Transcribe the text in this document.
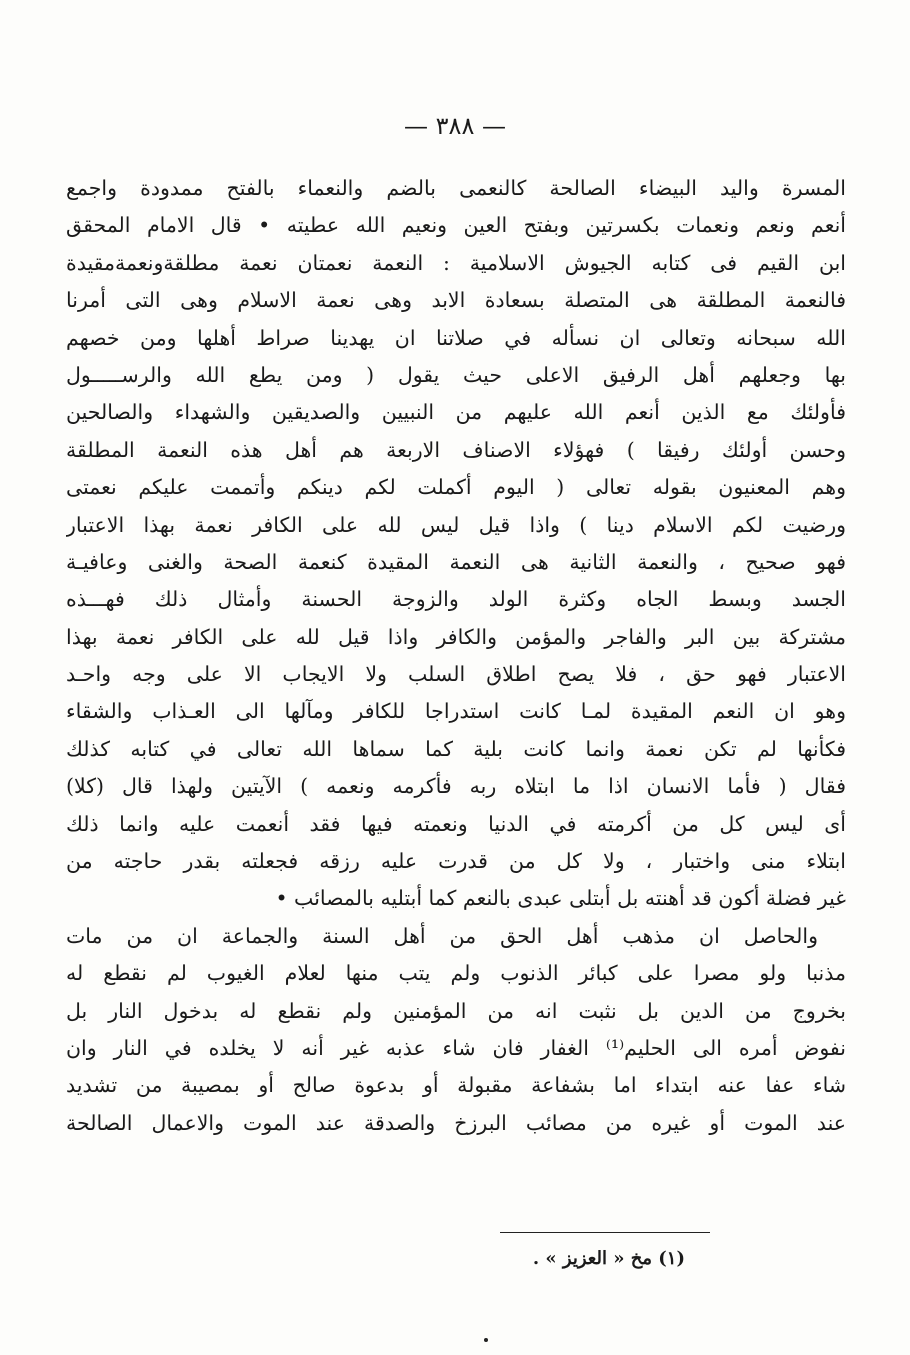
— ٣٨٨ —
المسرة واليد البيضاء الصالحة كالنعمى بالضم والنعماء بالفتح ممدودة واجمع
أنعم ونعم ونعمات بكسرتين وبفتح العين ونعيم الله عطيته • قال الامام المحقق
ابن القيم فى كتابه الجيوش الاسلامية : النعمة نعمتان نعمة مطلقةونعمةمقيدة
فالنعمة المطلقة هى المتصلة بسعادة الابد وهى نعمة الاسلام وهى التى أمرنا
الله سبحانه وتعالى ان نسأله في صلاتنا ان يهدينا صراط أهلها ومن خصهم
بها وجعلهم أهل الرفيق الاعلى حيث يقول ( ومن يطع الله والرســـــول
فأولئك مع الذين أنعم الله عليهم من النبيين والصديقين والشهداء والصالحين
وحسن أولئك رفيقا ) فهؤلاء الاصناف الاربعة هم أهل هذه النعمة المطلقة
وهم المعنيون بقوله تعالى ( اليوم أكملت لكم دينكم وأتممت عليكم نعمتى
ورضيت لكم الاسلام دينا ) واذا قيل ليس لله على الكافر نعمة بهذا الاعتبار
فهو صحيح ، والنعمة الثانية هى النعمة المقيدة كنعمة الصحة والغنى وعافيـة
الجسد وبسط الجاه وكثرة الولد والزوجة الحسنة وأمثال ذلك فهـــذه
مشتركة بين البر والفاجر والمؤمن والكافر واذا قيل لله على الكافر نعمة بهذا
الاعتبار فهو حق ، فلا يصح اطلاق السلب ولا الايجاب الا على وجه واحـد
وهو ان النعم المقيدة لمـا كانت استدراجا للكافر ومآلها الى العـذاب والشقاء
فكأنها لم تكن نعمة وانما كانت بلية كما سماها الله تعالى في كتابه كذلك
فقال ( فأما الانسان اذا ما ابتلاه ربه فأكرمه ونعمه ) الآيتين ولهذا قال (كلا)
أى ليس كل من أكرمته في الدنيا ونعمته فيها فقد أنعمت عليه وانما ذلك
ابتلاء منى واختبار ، ولا كل من قدرت عليه رزقه فجعلته بقدر حاجته من
غير فضلة أكون قد أهنته بل أبتلى عبدى بالنعم كما أبتليه بالمصائب •
والحاصل ان مذهب أهل الحق من أهل السنة والجماعة ان من مات
مذنبا ولو مصرا على كبائر الذنوب ولم يتب منها لعلام الغيوب لم نقطع له
بخروج من الدين بل نثبت انه من المؤمنين ولم نقطع له بدخول النار بل
نفوض أمره الى الحليم⁽¹⁾ الغفار فان شاء عذبه غير أنه لا يخلده في النار وان
شاء عفا عنه ابتداء اما بشفاعة مقبولة أو بدعوة صالح أو بمصيبة من تشديد
عند الموت أو غيره من مصائب البرزخ والصدقة عند الموت والاعمال الصالحة
(١) مخ « العزيز » .
